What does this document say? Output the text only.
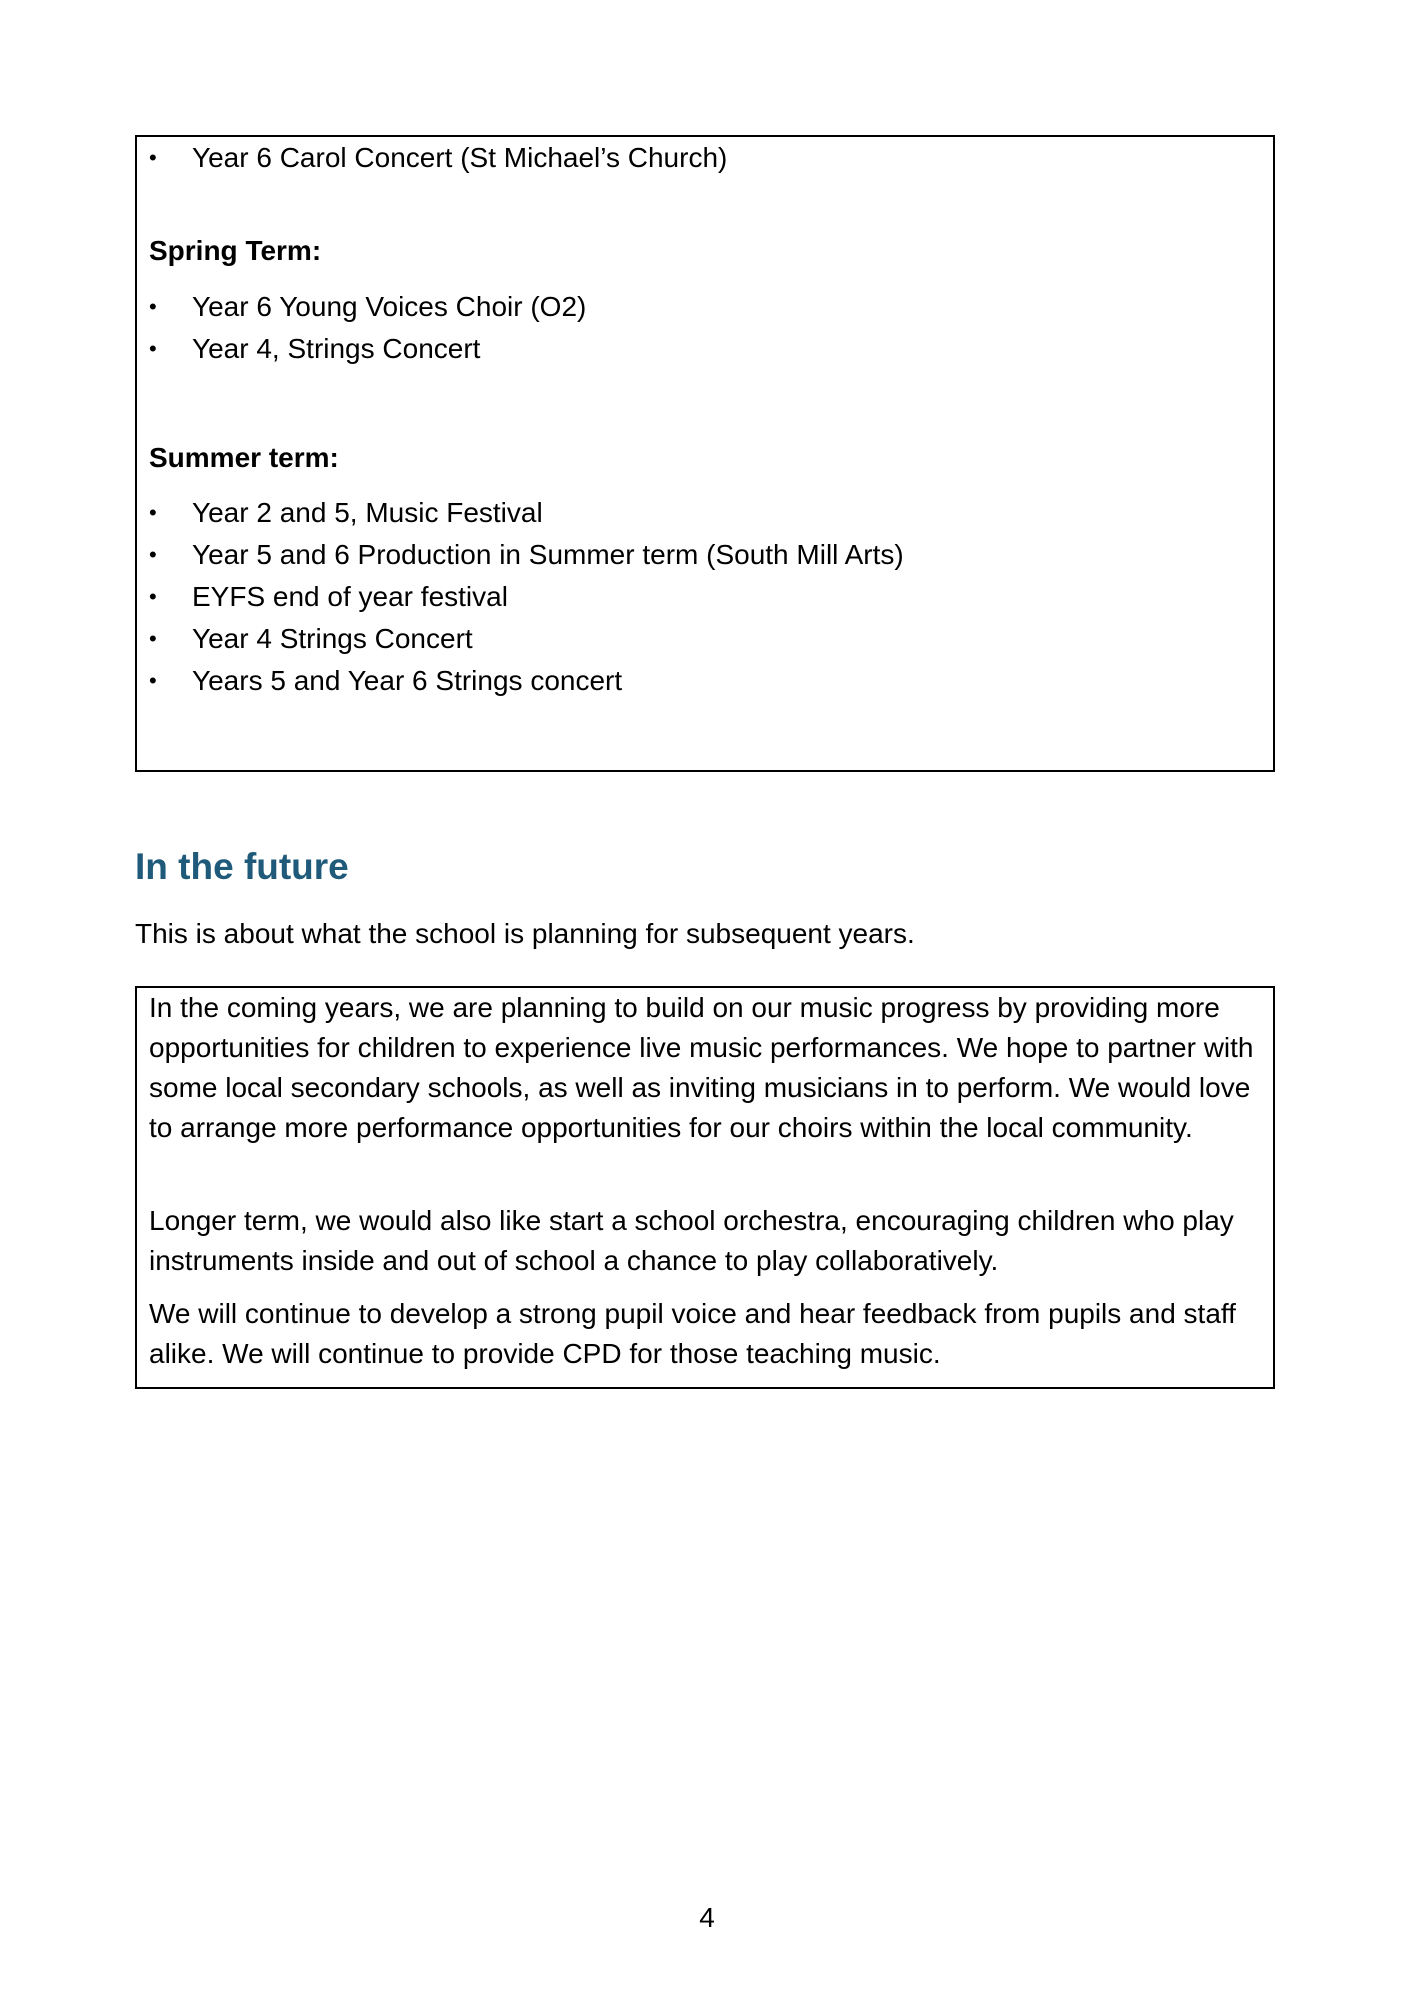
•	Year 6 Carol Concert (St Michael’s Church)
Spring Term:
•	Year 6 Young Voices Choir (O2)
•	Year 4, Strings Concert
Summer term:
•	Year 2 and 5, Music Festival
•	Year 5 and 6 Production in Summer term (South Mill Arts)
•	EYFS end of year festival
•	Year 4 Strings Concert
•	Years 5 and Year 6 Strings concert
In the future

This is about what the school is planning for subsequent years.

In the coming years, we are planning to build on our music progress by providing more opportunities for children to experience live music performances. We hope to partner with some local secondary schools, as well as inviting musicians in to perform. We would love to arrange more performance opportunities for our choirs within the local community.

Longer term, we would also like start a school orchestra, encouraging children who play instruments inside and out of school a chance to play collaboratively.

We will continue to develop a strong pupil voice and hear feedback from pupils and staff alike. We will continue to provide CPD for those teaching music.

4
